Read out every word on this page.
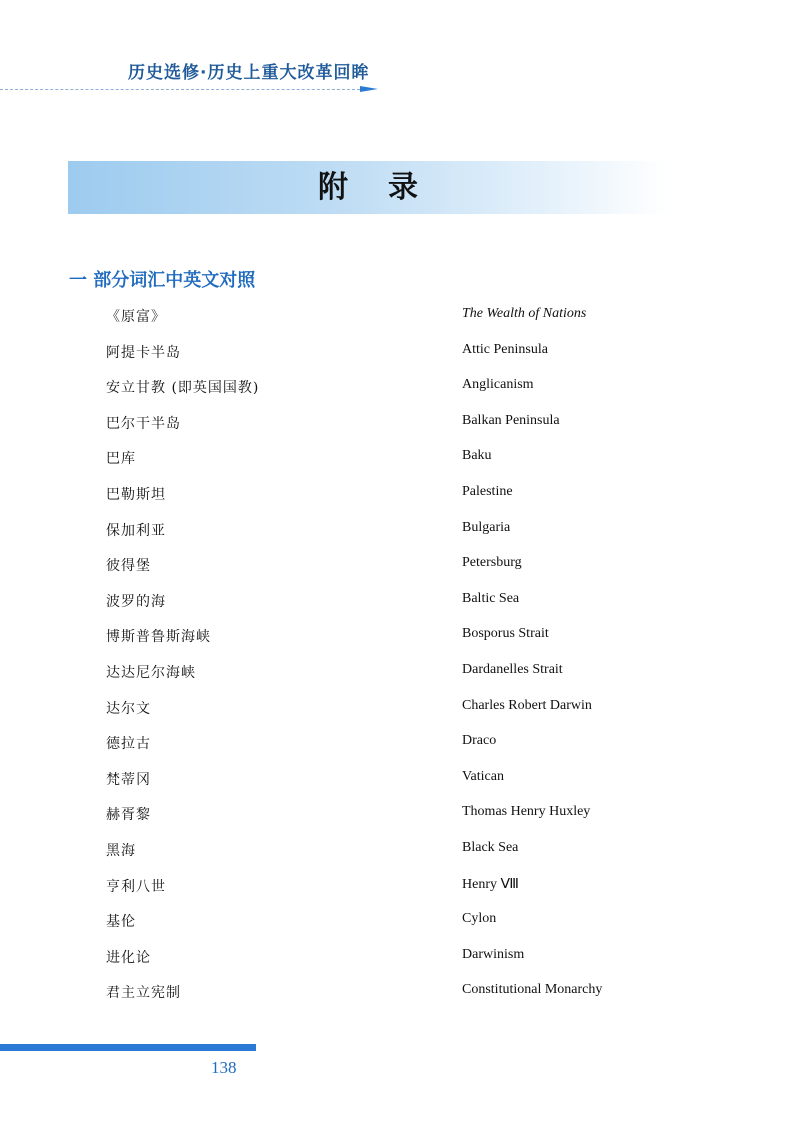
历史选修·历史上重大改革回眸
附录
一 部分词汇中英文对照
《原富》	The Wealth of Nations
阿提卡半岛	Attic Peninsula
安立甘教 (即英国国教)	Anglicanism
巴尔干半岛	Balkan Peninsula
巴库	Baku
巴勒斯坦	Palestine
保加利亚	Bulgaria
彼得堡	Petersburg
波罗的海	Baltic Sea
博斯普鲁斯海峡	Bosporus Strait
达达尼尔海峡	Dardanelles Strait
达尔文	Charles Robert Darwin
德拉古	Draco
梵蒂冈	Vatican
赫胥黎	Thomas Henry Huxley
黑海	Black Sea
亨利八世	Henry Ⅷ
基伦	Cylon
进化论	Darwinism
君主立宪制	Constitutional Monarchy
138
